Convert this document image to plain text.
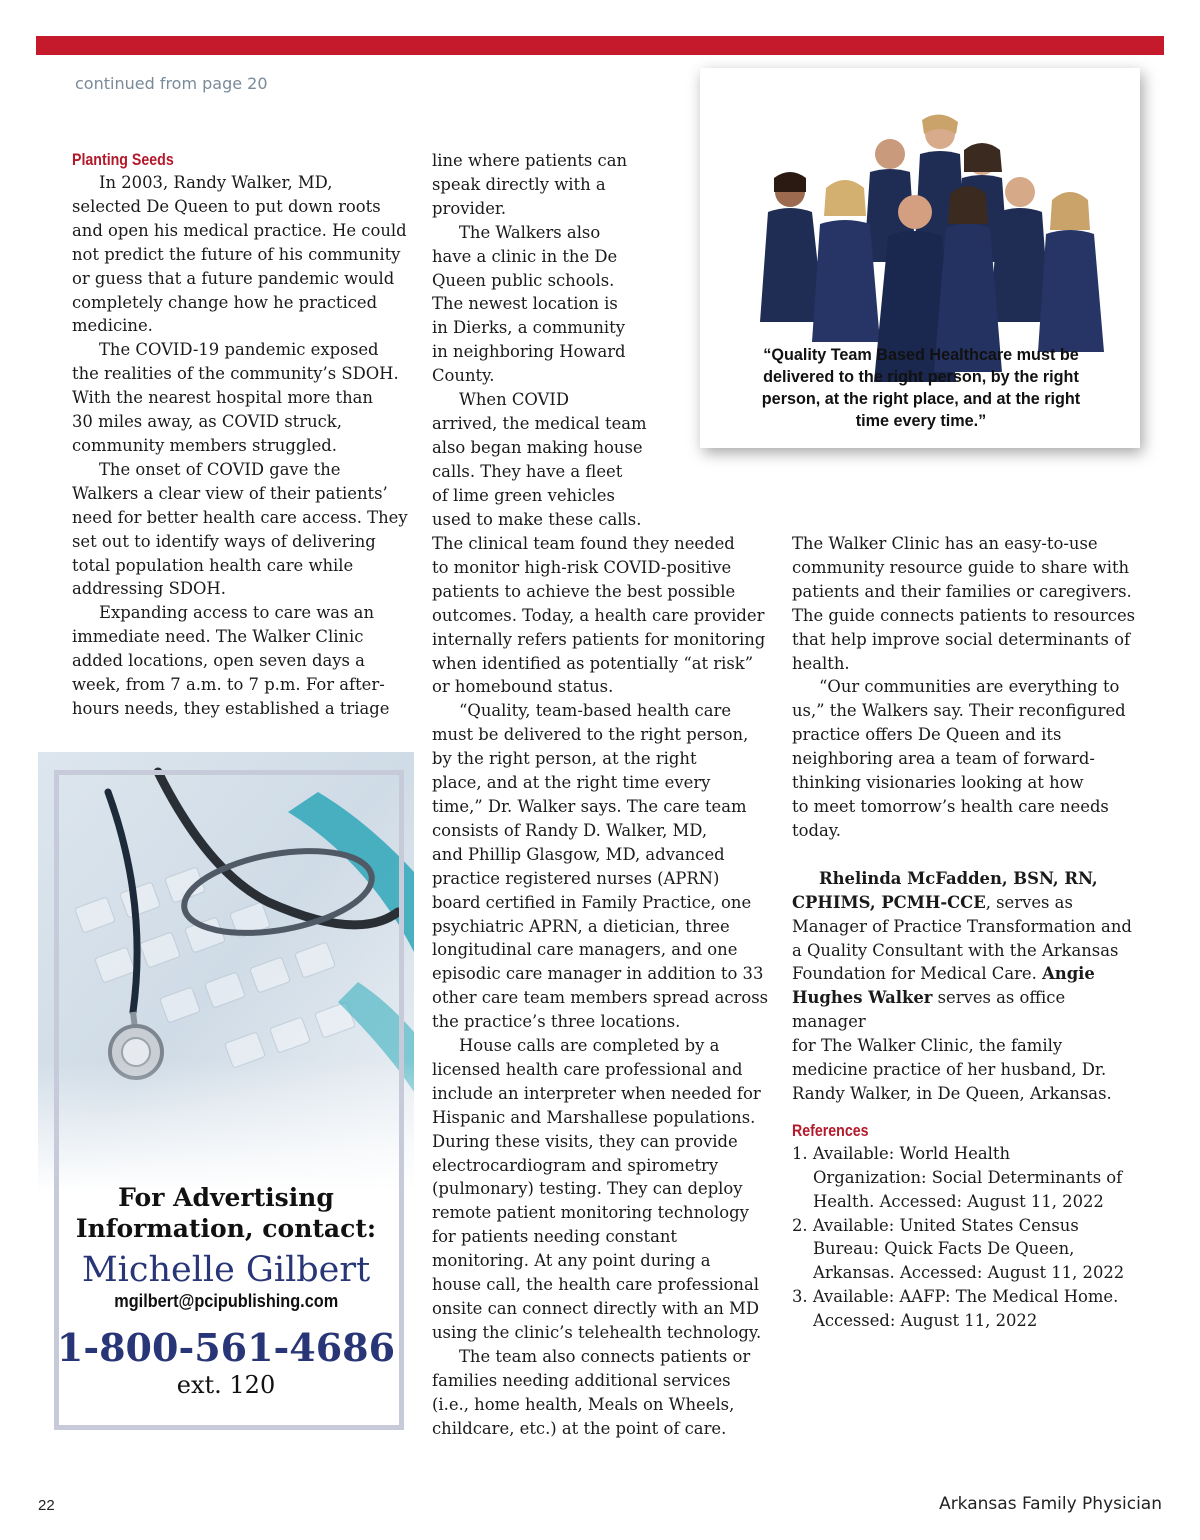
continued from page 20
Planting Seeds

In 2003, Randy Walker, MD,
selected De Queen to put down roots
and open his medical practice. He could
not predict the future of his community
or guess that a future pandemic would
completely change how he practiced
medicine.

The COVID-19 pandemic exposed
the realities of the community’s SDOH.
With the nearest hospital more than
30 miles away, as COVID struck,
community members struggled.

The onset of COVID gave the
Walkers a clear view of their patients’
need for better health care access. They
set out to identify ways of delivering
total population health care while
addressing SDOH.

Expanding access to care was an
immediate need. The Walker Clinic
added locations, open seven days a
week, from 7 a.m. to 7 p.m. For after-
hours needs, they established a triage

line where patients can
speak directly with a
provider.

The Walkers also
have a clinic in the De
Queen public schools.
The newest location is
in Dierks, a community
in neighboring Howard
County.

When COVID
arrived, the medical team
also began making house
calls. They have a fleet
of lime green vehicles
used to make these calls.

The clinical team found they needed
to monitor high-risk COVID-positive
patients to achieve the best possible
outcomes. Today, a health care provider
internally refers patients for monitoring
when identified as potentially “at risk”
or homebound status.

“Quality, team-based health care
must be delivered to the right person,
by the right person, at the right
place, and at the right time every
time,” Dr. Walker says. The care team
consists of Randy D. Walker, MD,
and Phillip Glasgow, MD, advanced
practice registered nurses (APRN)
board certified in Family Practice, one
psychiatric APRN, a dietician, three
longitudinal care managers, and one
episodic care manager in addition to 33
other care team members spread across
the practice’s three locations.

House calls are completed by a
licensed health care professional and
include an interpreter when needed for
Hispanic and Marshallese populations.
During these visits, they can provide
electrocardiogram and spirometry
(pulmonary) testing. They can deploy
remote patient monitoring technology
for patients needing constant
monitoring. At any point during a
house call, the health care professional
onsite can connect directly with an MD
using the clinic’s telehealth technology.

The team also connects patients or
families needing additional services
(i.e., home health, Meals on Wheels,
childcare, etc.) at the point of care.

The Walker Clinic has an easy-to-use
community resource guide to share with
patients and their families or caregivers.
The guide connects patients to resources
that help improve social determinants of
health.

“Our communities are everything to
us,” the Walkers say. Their reconfigured
practice offers De Queen and its
neighboring area a team of forward-
thinking visionaries looking at how
to meet tomorrow’s health care needs
today.

Rhelinda McFadden, BSN, RN,
CPHIMS, PCMH-CCE, serves as
Manager of Practice Transformation and
a Quality Consultant with the Arkansas
Foundation for Medical Care. Angie
Hughes Walker serves as office manager
for The Walker Clinic, the family
medicine practice of her husband, Dr.
Randy Walker, in De Queen, Arkansas.

References
1. Available: World Health
Organization: Social Determinants of
Health. Accessed: August 11, 2022
2. Available: United States Census
Bureau: Quick Facts De Queen,
Arkansas. Accessed: August 11, 2022
3. Available: AAFP: The Medical Home.
Accessed: August 11, 2022
“Quality Team Based Healthcare must be
delivered to the right person, by the right
person, at the right place, and at the right
time every time.”
For Advertising
Information, contact:
Michelle Gilbert
mgilbert@pcipublishing.com
1-800-561-4686
ext. 120
22	Arkansas Family Physician
